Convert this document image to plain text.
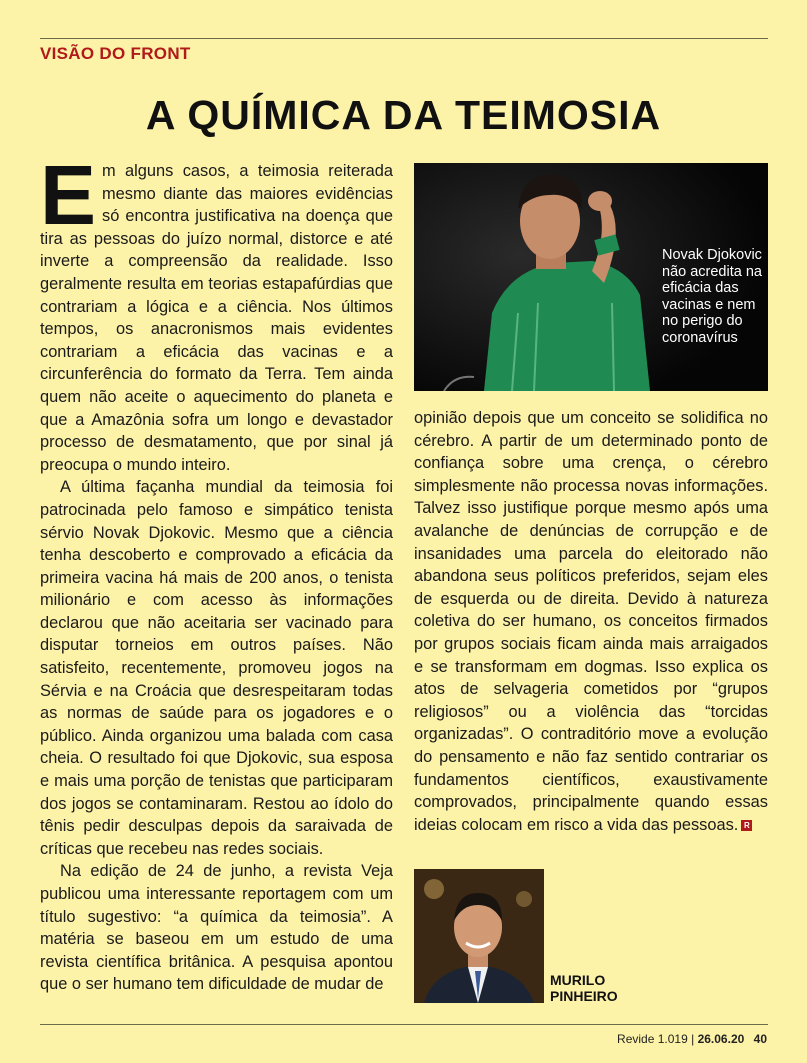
VISÃO DO FRONT
A QUÍMICA DA TEIMOSIA

Em alguns casos, a teimosia reiterada mesmo diante das maiores evidências só encontra justificativa na doença que tira as pessoas do juízo normal, distorce e até inverte a compreensão da realidade. Isso geralmente resulta em teorias estapafúrdias que contrariam a lógica e a ciência. Nos últimos tempos, os anacronismos mais evidentes contrariam a eficácia das vacinas e a circunferência do formato da Terra. Tem ainda quem não aceite o aquecimento do planeta e que a Amazônia sofra um longo e devastador processo de desmatamento, que por sinal já preocupa o mundo inteiro.

A última façanha mundial da teimosia foi patrocinada pelo famoso e simpático tenista sérvio Novak Djokovic. Mesmo que a ciência tenha descoberto e comprovado a eficácia da primeira vacina há mais de 200 anos, o tenista milionário e com acesso às informações declarou que não aceitaria ser vacinado para disputar torneios em outros países. Não satisfeito, recentemente, promoveu jogos na Sérvia e na Croácia que desrespeitaram todas as normas de saúde para os jogadores e o público. Ainda organizou uma balada com casa cheia. O resultado foi que Djokovic, sua esposa e mais uma porção de tenistas que participaram dos jogos se contaminaram. Restou ao ídolo do tênis pedir desculpas depois da saraivada de críticas que recebeu nas redes sociais.

Na edição de 24 de junho, a revista Veja publicou uma interessante reportagem com um título sugestivo: “a química da teimosia”. A matéria se baseou em um estudo de uma revista científica britânica. A pesquisa apontou que o ser humano tem dificuldade de mudar de

Novak Djokovic não acredita na eficácia das vacinas e nem no perigo do coronavírus

opinião depois que um conceito se solidifica no cérebro. A partir de um determinado ponto de confiança sobre uma crença, o cérebro simplesmente não processa novas informações. Talvez isso justifique porque mesmo após uma avalanche de denúncias de corrupção e de insanidades uma parcela do eleitorado não abandona seus políticos preferidos, sejam eles de esquerda ou de direita. Devido à natureza coletiva do ser humano, os conceitos firmados por grupos sociais ficam ainda mais arraigados e se transformam em dogmas. Isso explica os atos de selvageria cometidos por “grupos religiosos” ou a violência das “torcidas organizadas”. O contraditório move a evolução do pensamento e não faz sentido contrariar os fundamentos científicos, exaustivamente comprovados, principalmente quando essas ideias colocam em risco a vida das pessoas. R

MURILO
PINHEIRO
Revide 1.019 | 26.06.20 40
